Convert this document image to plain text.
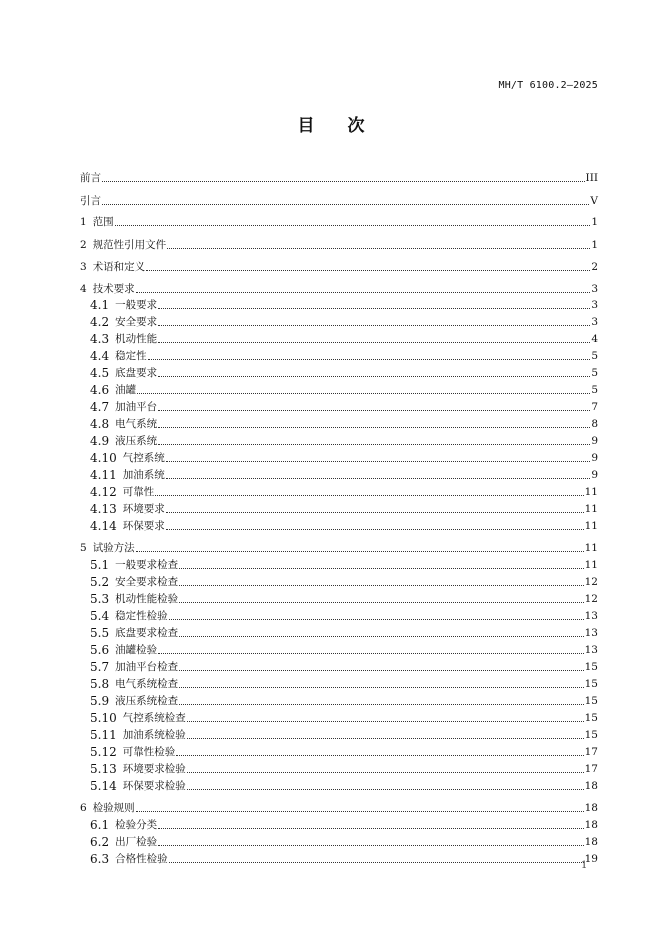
MH/T 6100.2—2025
目 次
前言	III
引言	V
1 范围	1
2 规范性引用文件	1
3 术语和定义	2
4 技术要求	3
4.1 一般要求	3
4.2 安全要求	3
4.3 机动性能	4
4.4 稳定性	5
4.5 底盘要求	5
4.6 油罐	5
4.7 加油平台	7
4.8 电气系统	8
4.9 液压系统	9
4.10 气控系统	9
4.11 加油系统	9
4.12 可靠性	11
4.13 环境要求	11
4.14 环保要求	11
5 试验方法	11
5.1 一般要求检查	11
5.2 安全要求检查	12
5.3 机动性能检验	12
5.4 稳定性检验	13
5.5 底盘要求检查	13
5.6 油罐检验	13
5.7 加油平台检查	15
5.8 电气系统检查	15
5.9 液压系统检查	15
5.10 气控系统检查	15
5.11 加油系统检验	15
5.12 可靠性检验	17
5.13 环境要求检验	17
5.14 环保要求检验	18
6 检验规则	18
6.1 检验分类	18
6.2 出厂检验	18
6.3 合格性检验	19
1
